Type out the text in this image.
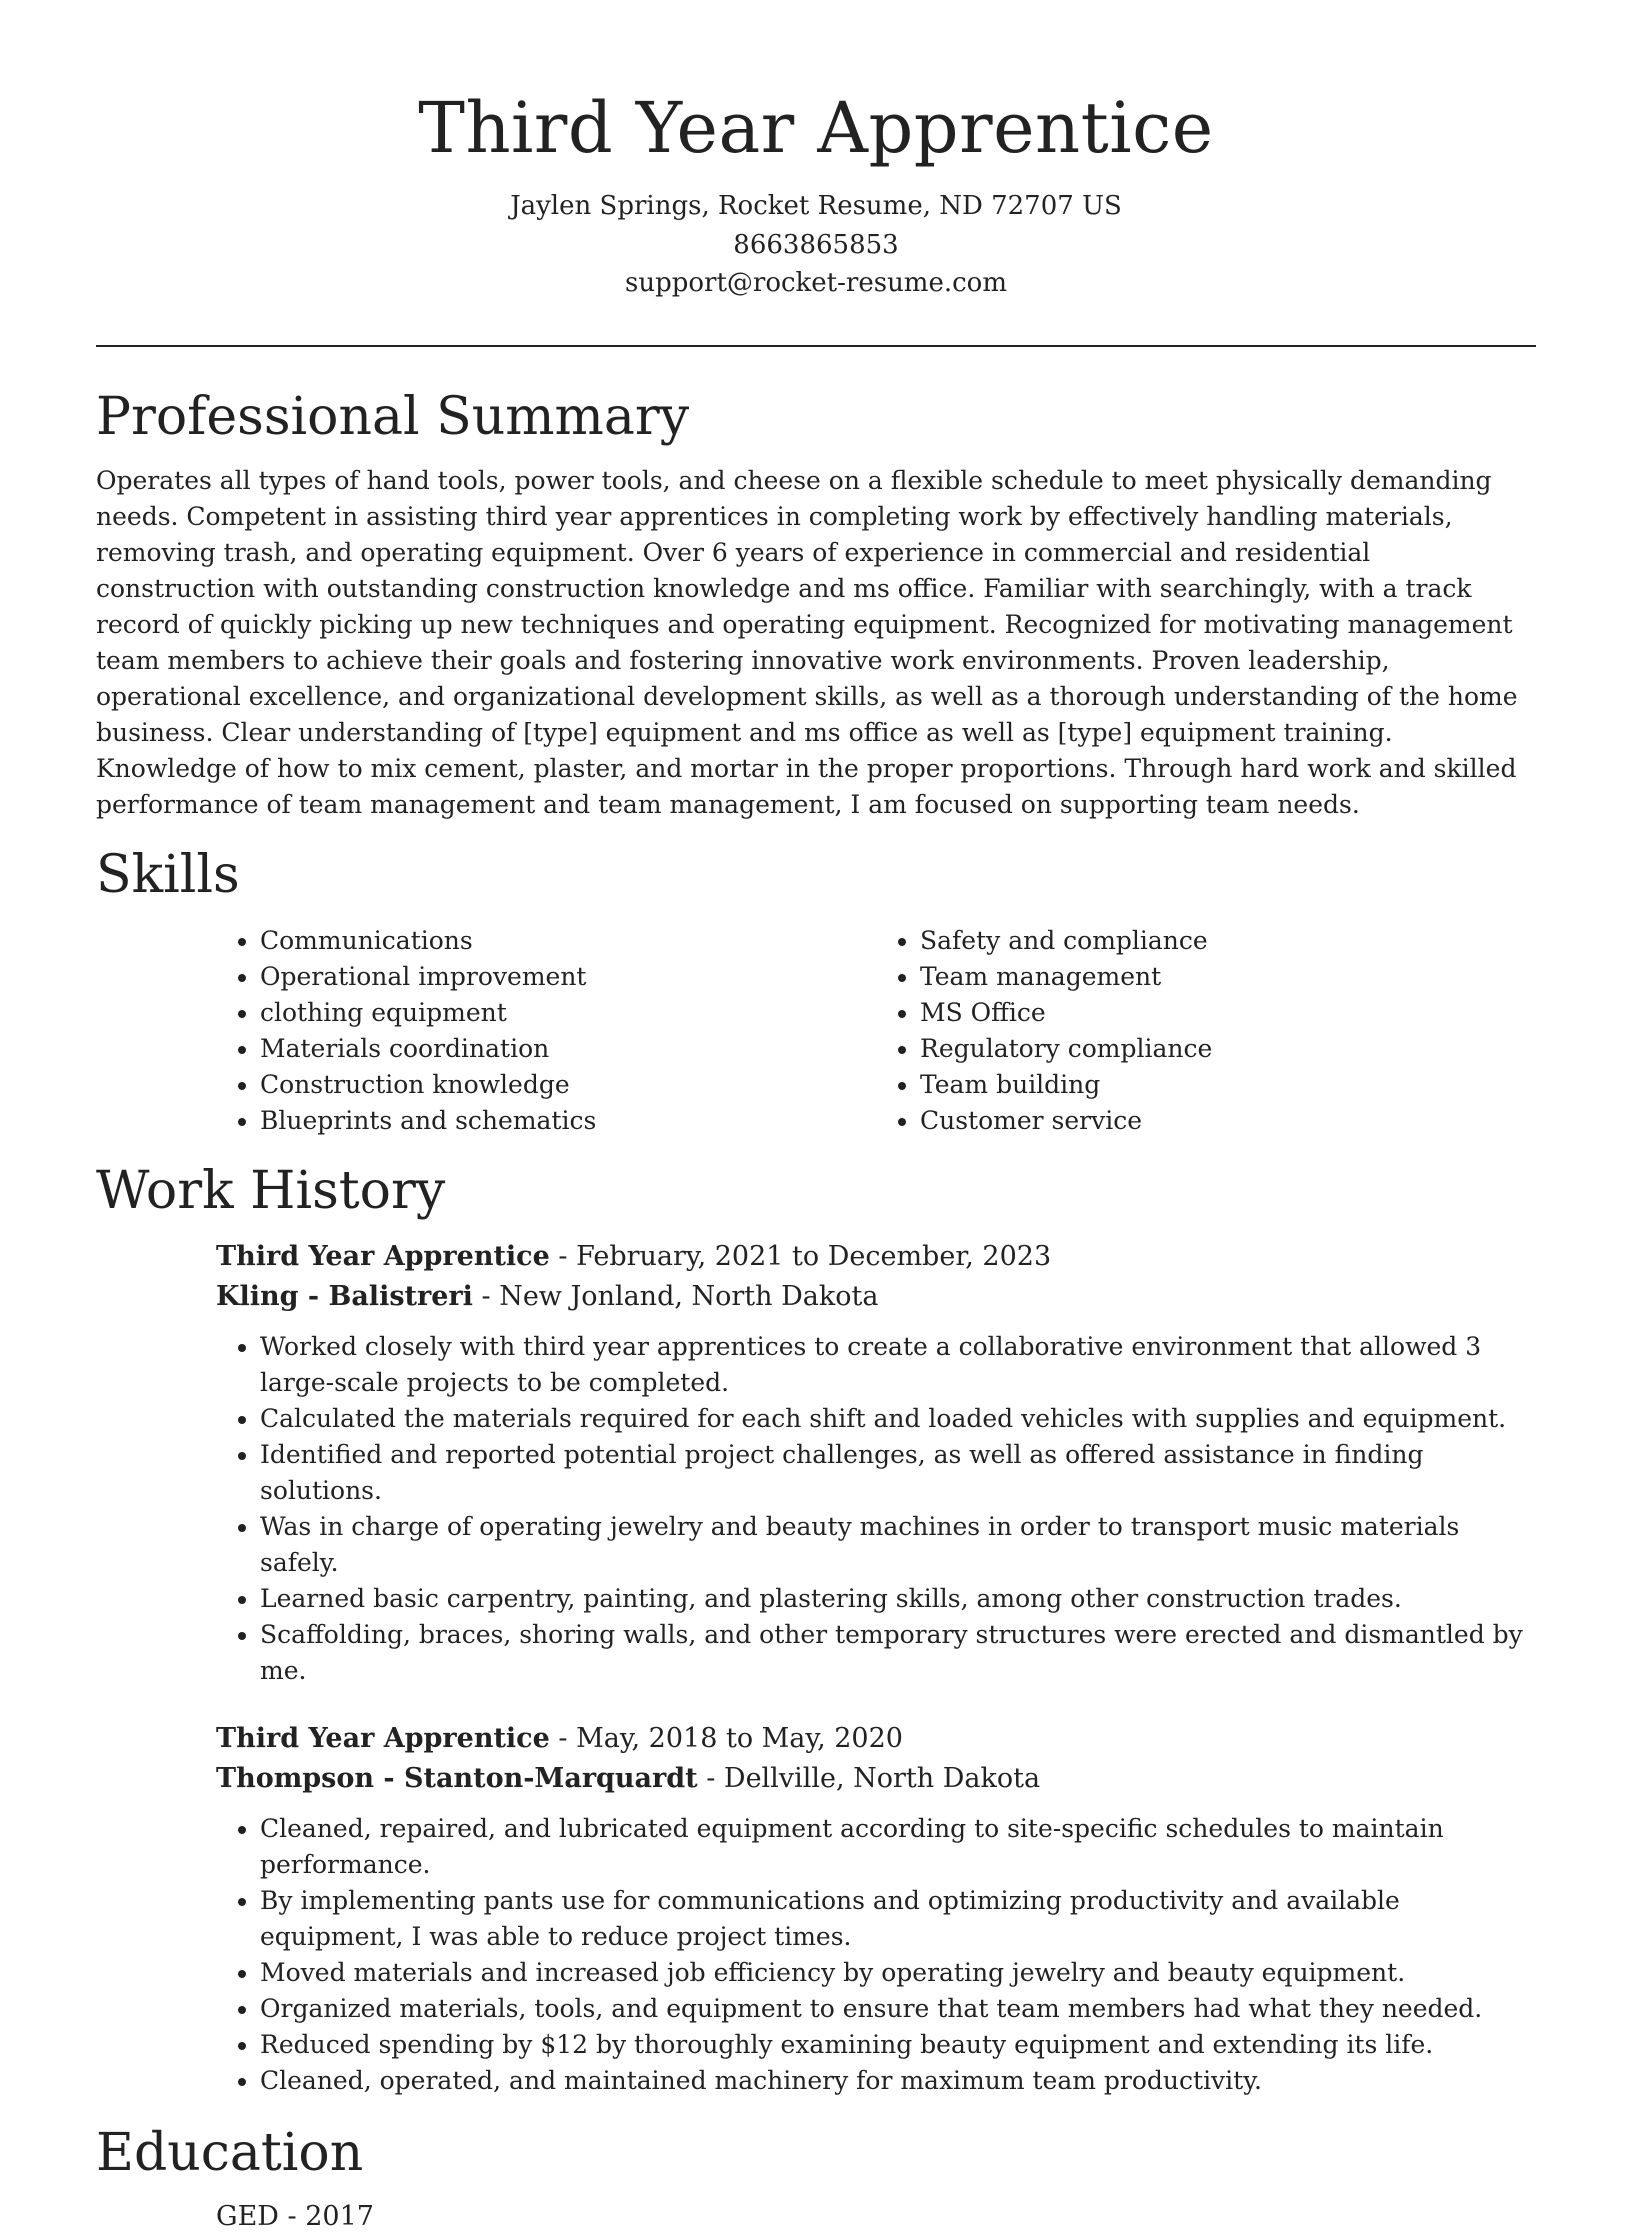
Third Year Apprentice
Jaylen Springs, Rocket Resume, ND 72707 US
8663865853
support@rocket-resume.com
Professional Summary

Operates all types of hand tools, power tools, and cheese on a flexible schedule to meet physically demanding needs. Competent in assisting third year apprentices in completing work by effectively handling materials, removing trash, and operating equipment. Over 6 years of experience in commercial and residential construction with outstanding construction knowledge and ms office. Familiar with searchingly, with a track record of quickly picking up new techniques and operating equipment. Recognized for motivating management team members to achieve their goals and fostering innovative work environments. Proven leadership, operational excellence, and organizational development skills, as well as a thorough understanding of the home business. Clear understanding of [type] equipment and ms office as well as [type] equipment training. Knowledge of how to mix cement, plaster, and mortar in the proper proportions. Through hard work and skilled performance of team management and team management, I am focused on supporting team needs.

Skills
• Communications
• Operational improvement
• clothing equipment
• Materials coordination
• Construction knowledge
• Blueprints and schematics
• Safety and compliance
• Team management
• MS Office
• Regulatory compliance
• Team building
• Customer service
Work History
Third Year Apprentice - February, 2021 to December, 2023
Kling - Balistreri - New Jonland, North Dakota
• Worked closely with third year apprentices to create a collaborative environment that allowed 3 large-scale projects to be completed.
• Calculated the materials required for each shift and loaded vehicles with supplies and equipment.
• Identified and reported potential project challenges, as well as offered assistance in finding solutions.
• Was in charge of operating jewelry and beauty machines in order to transport music materials safely.
• Learned basic carpentry, painting, and plastering skills, among other construction trades.
• Scaffolding, braces, shoring walls, and other temporary structures were erected and dismantled by me.
Third Year Apprentice - May, 2018 to May, 2020
Thompson - Stanton-Marquardt - Dellville, North Dakota
• Cleaned, repaired, and lubricated equipment according to site-specific schedules to maintain performance.
• By implementing pants use for communications and optimizing productivity and available equipment, I was able to reduce project times.
• Moved materials and increased job efficiency by operating jewelry and beauty equipment.
• Organized materials, tools, and equipment to ensure that team members had what they needed.
• Reduced spending by $12 by thoroughly examining beauty equipment and extending its life.
• Cleaned, operated, and maintained machinery for maximum team productivity.
Education
GED - 2017
